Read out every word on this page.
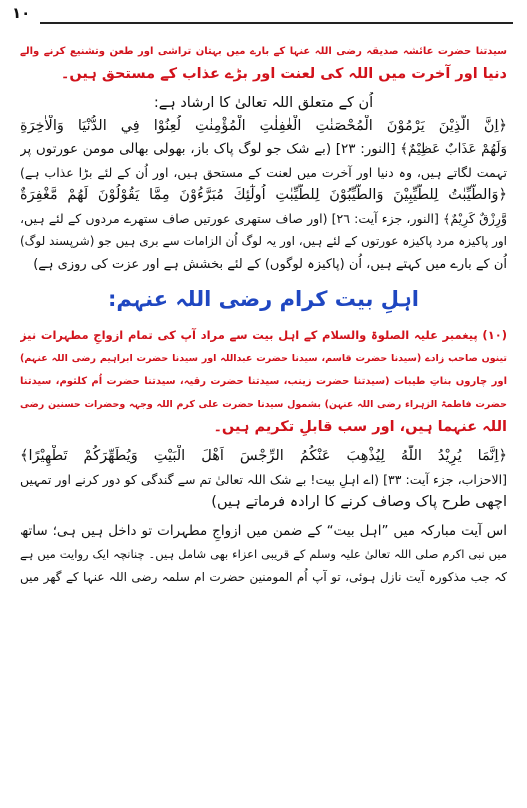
۱۰
سیدتنا حضرت عائشہ صدیقہ رضی اللہ عنہا کے بارے میں بہتان تراشی اور طعن وتشنیع کرنے والے
دنیا اور آخرت میں اللہ کی لعنت اور بڑے عذاب کے مستحق ہیں۔
اُن کے متعلق اللہ تعالیٰ کا ارشاد ہے:
﴿اِنَّ الَّذِيْنَ يَرْمُوْنَ الْمُحْصَنٰتِ الْغٰفِلٰتِ الْمُؤْمِنٰتِ لُعِنُوْا فِي الدُّنْيَا وَالْاٰخِرَةِ
وَلَهُمْ عَذَابٌ عَظِيْمٌ﴾ [النور: ٢٣] (بے شک جو لوگ پاک باز، بھولی بھالی مومن عورتوں پر
تہمت لگاتے ہیں، وہ دنیا اور آخرت میں لعنت کے مستحق ہیں، اور اُن کے لئے بڑا عذاب ہے)
﴿وَالطَّيِّبٰتُ لِلطَّيِّبِيْنَ وَالطَّيِّبُوْنَ لِلطَّيِّبٰتِ اُولٰٓئِكَ مُبَرَّءُوْنَ مِمَّا يَقُوْلُوْنَ لَهُمْ مَّغْفِرَةٌ
وَّرِزْقٌ كَرِيْمٌ﴾ [النور، جزء آیت: ٢٦] (اور صاف ستھری عورتیں صاف ستھرے مردوں کے لئے ہیں،
اور پاکیزہ مرد پاکیزہ عورتوں کے لئے ہیں، اور یہ لوگ اُن الزامات سے بری ہیں جو (شرپسند لوگ)
اُن کے بارے میں کہتے ہیں، اُن (پاکیزہ لوگوں) کے لئے بخشش ہے اور عزت کی روزی ہے)
اہلِ بیت کرام رضی اللہ عنہم:
(۱۰) پیغمبر علیہ الصلوۃ والسلام کے اہل بیت سے مراد آپ کی تمام ازواجِ مطہرات نیز
تینوں صاحب زادے (سیدنا حضرت قاسم، سیدنا حضرت عبداللہ اور سیدنا حضرت ابراہیم رضی اللہ عنہم)
اور چاروں بناتِ طیبات (سیدتنا حضرت زینب، سیدتنا حضرت رقیہ، سیدتنا حضرت اُم کلثوم، سیدتنا
حضرت فاطمۃ الزہراء رضی اللہ عنہن) بشمول سیدنا حضرت علی کرم اللہ وجہہ وحضرات حسنین رضی
اللہ عنہما ہیں، اور سب قابلِ تکریم ہیں۔
﴿اِنَّمَا يُرِيْدُ اللّٰهُ لِيُذْهِبَ عَنْكُمُ الرِّجْسَ اَهْلَ الْبَيْتِ وَيُطَهِّرَكُمْ تَطْهِيْرًا﴾
[الاحزاب، جزء آیت: ٣٣] (اے اہلِ بیت! بے شک اللہ تعالیٰ تم سے گندگی کو دور کرنے اور تمہیں
اچھی طرح پاک وصاف کرنے کا ارادہ فرماتے ہیں)
اس آیت مبارکہ میں ”اہل بیت“ کے ضمن میں ازواجِ مطہرات تو داخل ہیں ہی؛ ساتھ
میں نبی اکرم صلی اللہ تعالیٰ علیہ وسلم کے قریبی اعزاء بھی شامل ہیں۔ چنانچہ ایک روایت میں ہے
کہ جب مذکورہ آیت نازل ہوئی، تو آپ اُم المومنین حضرت ام سلمہ رضی اللہ عنہا کے گھر میں
